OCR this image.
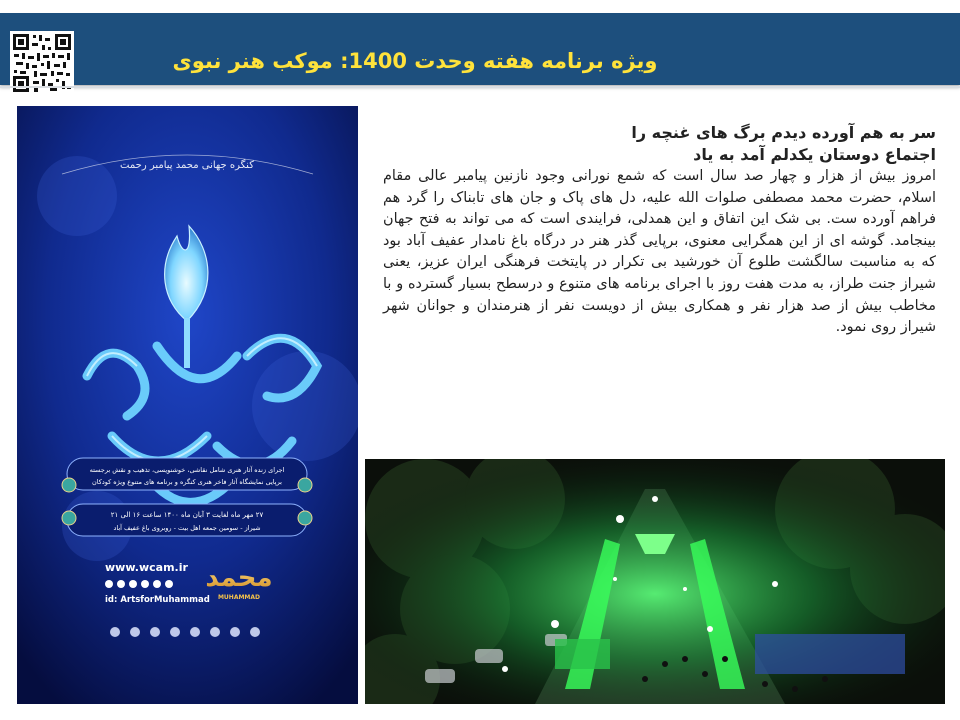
ویژه برنامه هفته وحدت 1400: موکب هنر نبوی
کنگره جهانی محمد پیامبر رحمت
اجرای زنده آثار هنری شامل نقاشی، خوشنویسی، تذهیب و نقش برجسته
برپایی نمایشگاه آثار فاخر هنری کنگره و برنامه های متنوع ویژه کودکان
۲۷ مهر ماه لغایت ۳ آبان ماه ۱۴۰۰ ساعت ۱۶ الی ۲۱
شیراز - سومین جمعه اهل بیت - روبروی باغ عفیف آباد
www.wcam.ir
id: ArtsforMuhammad
محمد
MUHAMMAD

سر به هم آورده دیدم برگ های غنچه را

اجتماع دوستان یکدلم آمد به یاد

امروز بیش از هزار و چهار صد سال است که شمع نورانی وجود نازنین پیامبر عالی مقام اسلام، حضرت محمد مصطفی صلوات الله علیه، دل های پاک و جان های تابناک را گرد هم فراهم آورده ست. بی شک این اتفاق و این همدلی، فرایندی است که می تواند به فتح جهان بینجامد. گوشه ای از این همگرایی معنوی، برپایی گذر هنر در درگاه باغ نامدار عفیف آباد بود که به مناسبت سالگشت طلوع آن خورشید بی تکرار در پایتخت فرهنگی ایران عزیز، یعنی شیراز جنت طراز، به مدت هفت روز با اجرای برنامه های متنوع و درسطح بسیار گسترده و با مخاطب بیش از صد هزار نفر و همکاری بیش از دویست نفر از هنرمندان و جوانان شهر شیراز روی نمود.
